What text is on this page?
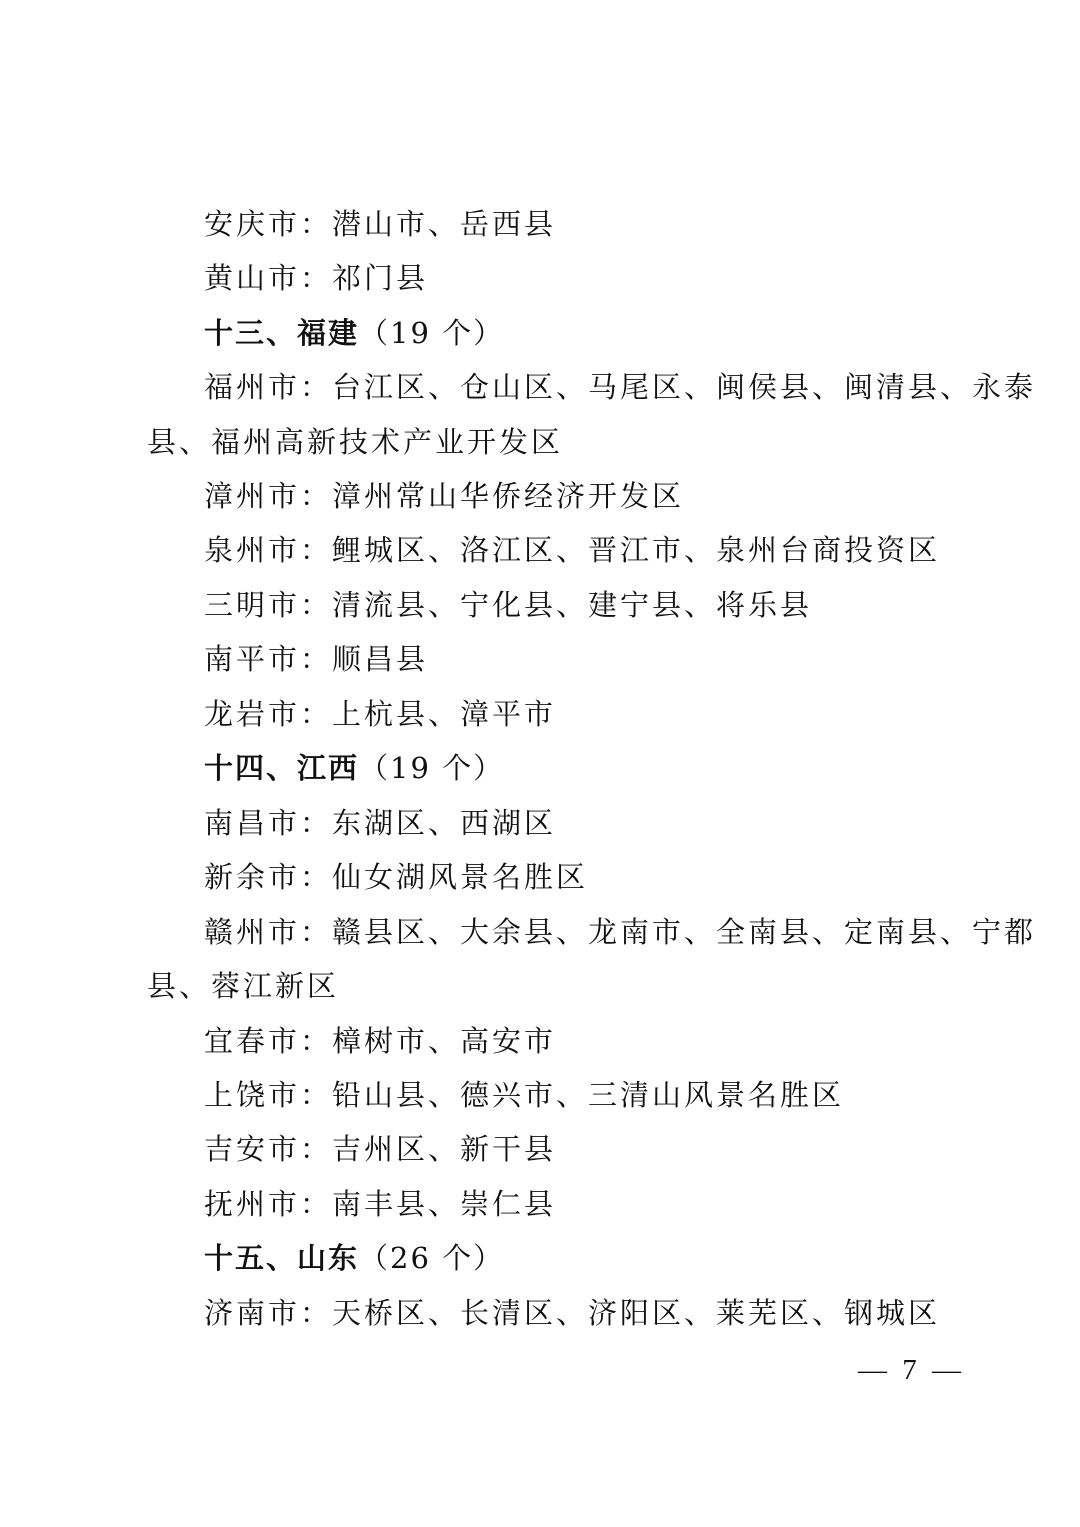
安庆市：潜山市、岳西县
黄山市：祁门县
十三、福建（19 个）
福州市：台江区、仓山区、马尾区、闽侯县、闽清县、永泰
县、福州高新技术产业开发区
漳州市：漳州常山华侨经济开发区
泉州市：鲤城区、洛江区、晋江市、泉州台商投资区
三明市：清流县、宁化县、建宁县、将乐县
南平市：顺昌县
龙岩市：上杭县、漳平市
十四、江西（19 个）
南昌市：东湖区、西湖区
新余市：仙女湖风景名胜区
赣州市：赣县区、大余县、龙南市、全南县、定南县、宁都
县、蓉江新区
宜春市：樟树市、高安市
上饶市：铅山县、德兴市、三清山风景名胜区
吉安市：吉州区、新干县
抚州市：南丰县、崇仁县
十五、山东（26 个）
济南市：天桥区、长清区、济阳区、莱芜区、钢城区
— 7 —
